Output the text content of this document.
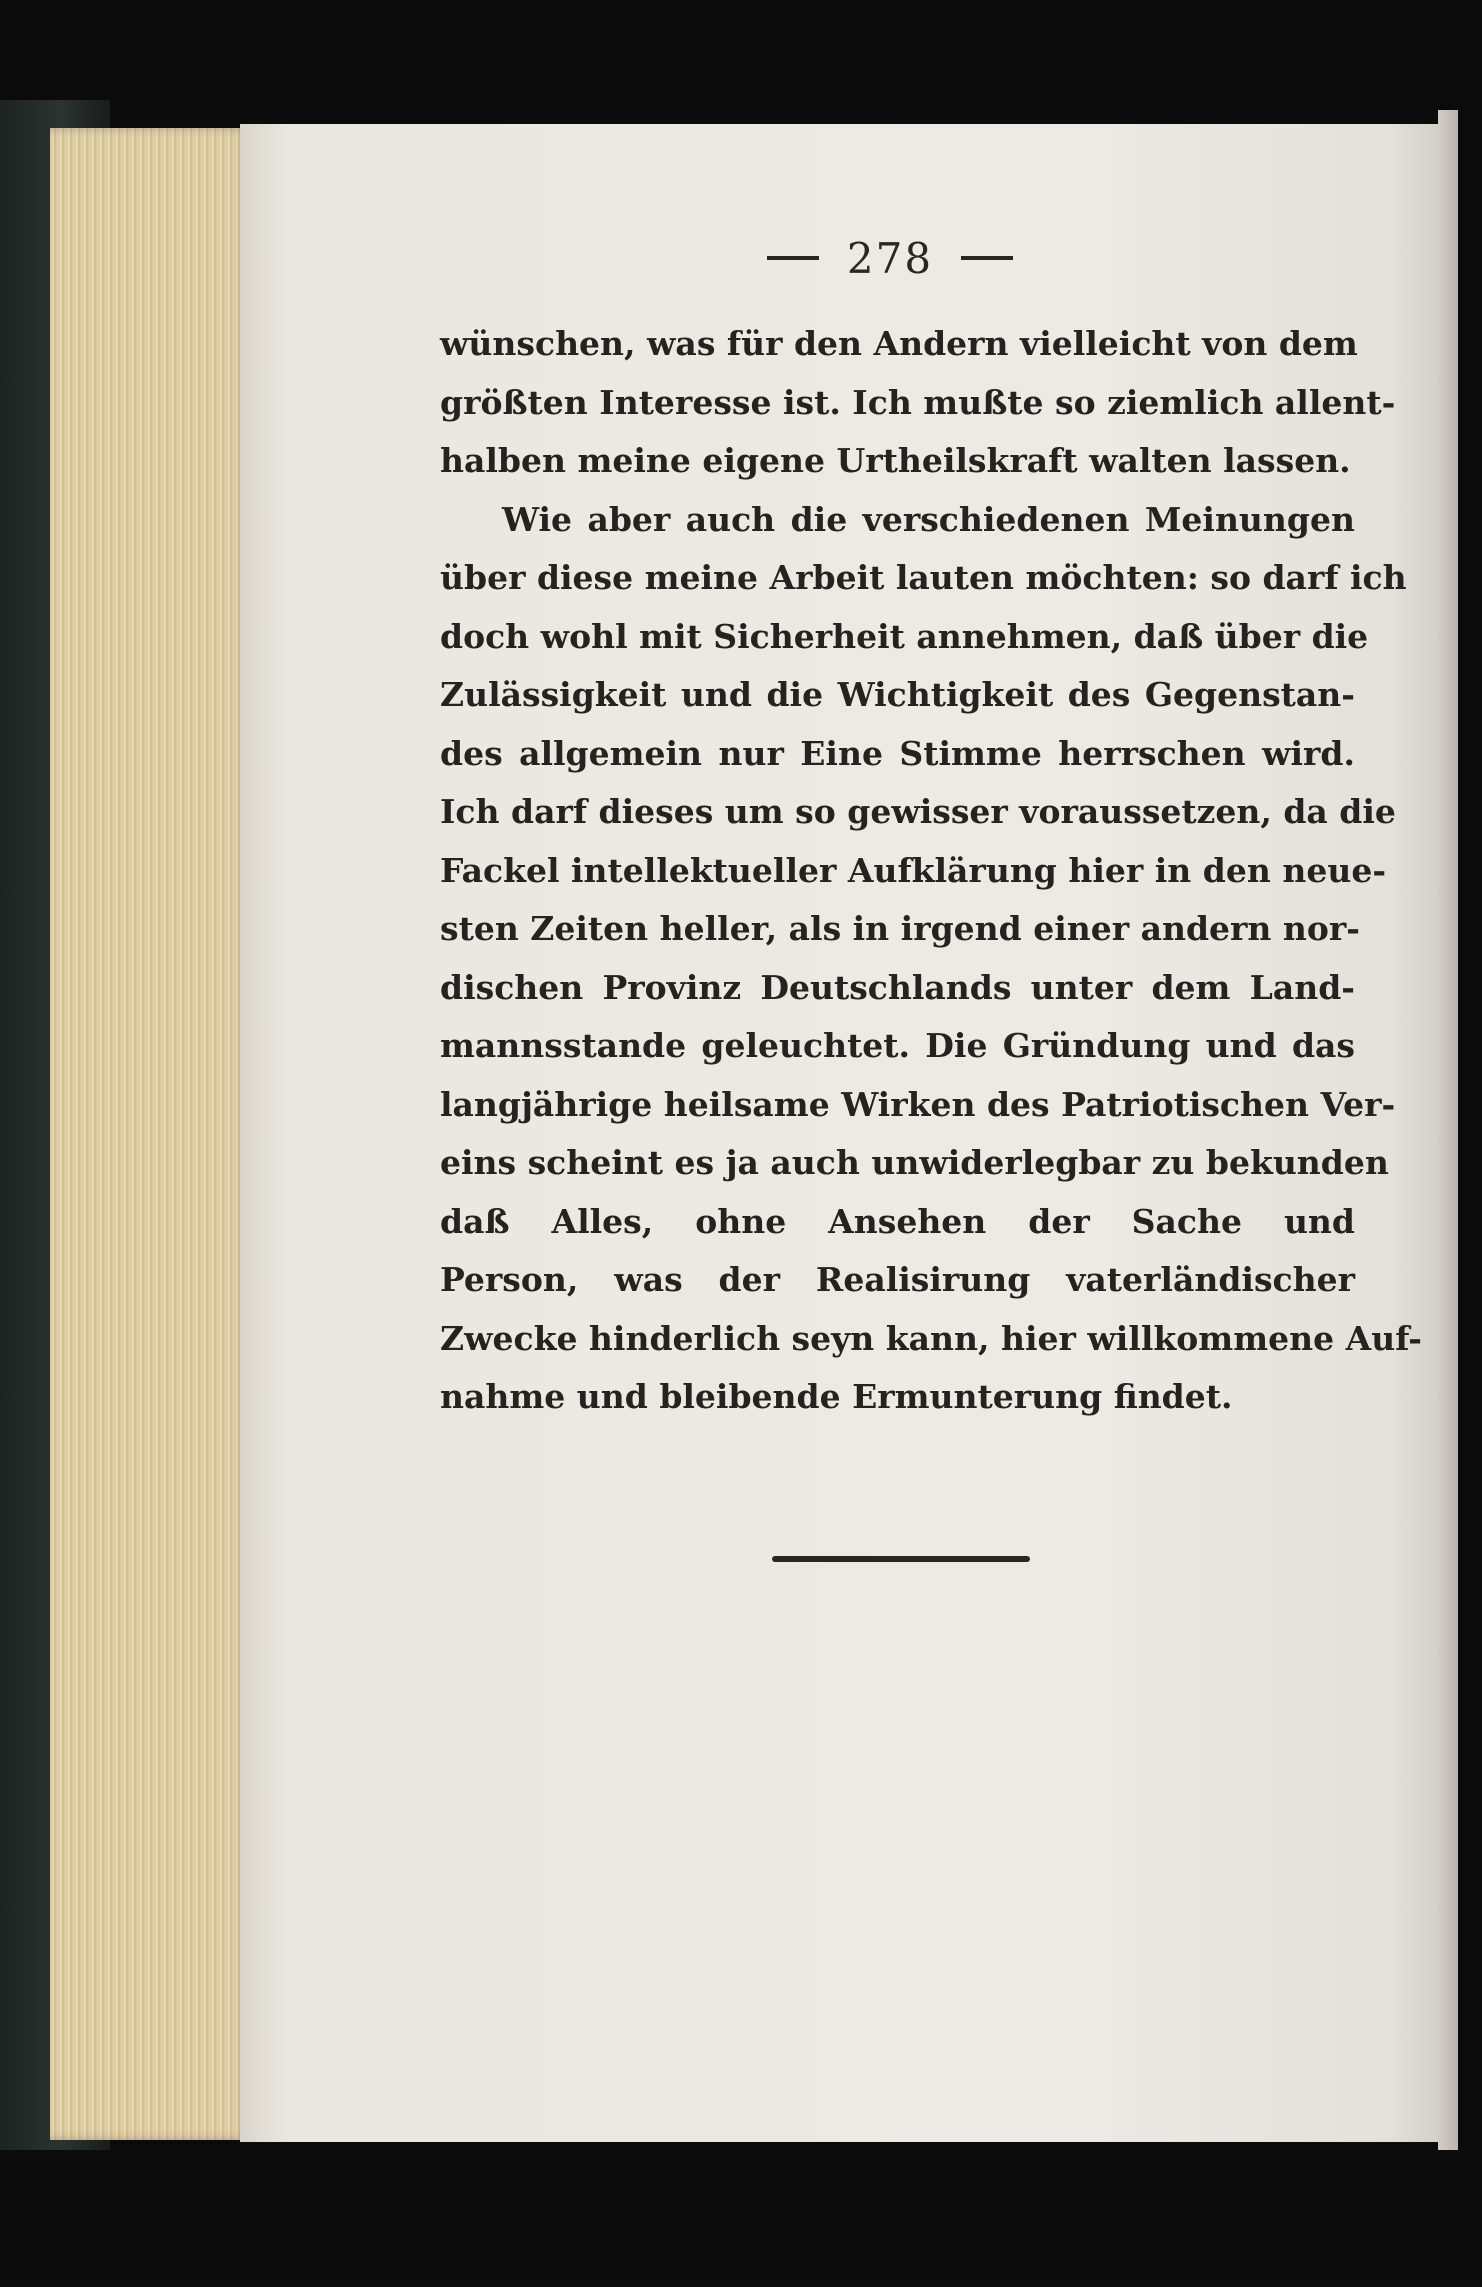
278
wünschen, was für den Andern vielleicht von dem
größten Interesse ist. Ich mußte so ziemlich allent-
halben meine eigene Urtheilskraft walten lassen.
Wie aber auch die verschiedenen Meinungen
über diese meine Arbeit lauten möchten: so darf ich
doch wohl mit Sicherheit annehmen, daß über die
Zulässigkeit und die Wichtigkeit des Gegenstan-
des allgemein nur Eine Stimme herrschen wird.
Ich darf dieses um so gewisser voraussetzen, da die
Fackel intellektueller Aufklärung hier in den neue-
sten Zeiten heller, als in irgend einer andern nor-
dischen Provinz Deutschlands unter dem Land-
mannsstande geleuchtet. Die Gründung und das
langjährige heilsame Wirken des Patriotischen Ver-
eins scheint es ja auch unwiderlegbar zu bekunden
daß Alles, ohne Ansehen der Sache und
Person, was der Realisirung vaterländischer
Zwecke hinderlich seyn kann, hier willkommene Auf-
nahme und bleibende Ermunterung findet.
